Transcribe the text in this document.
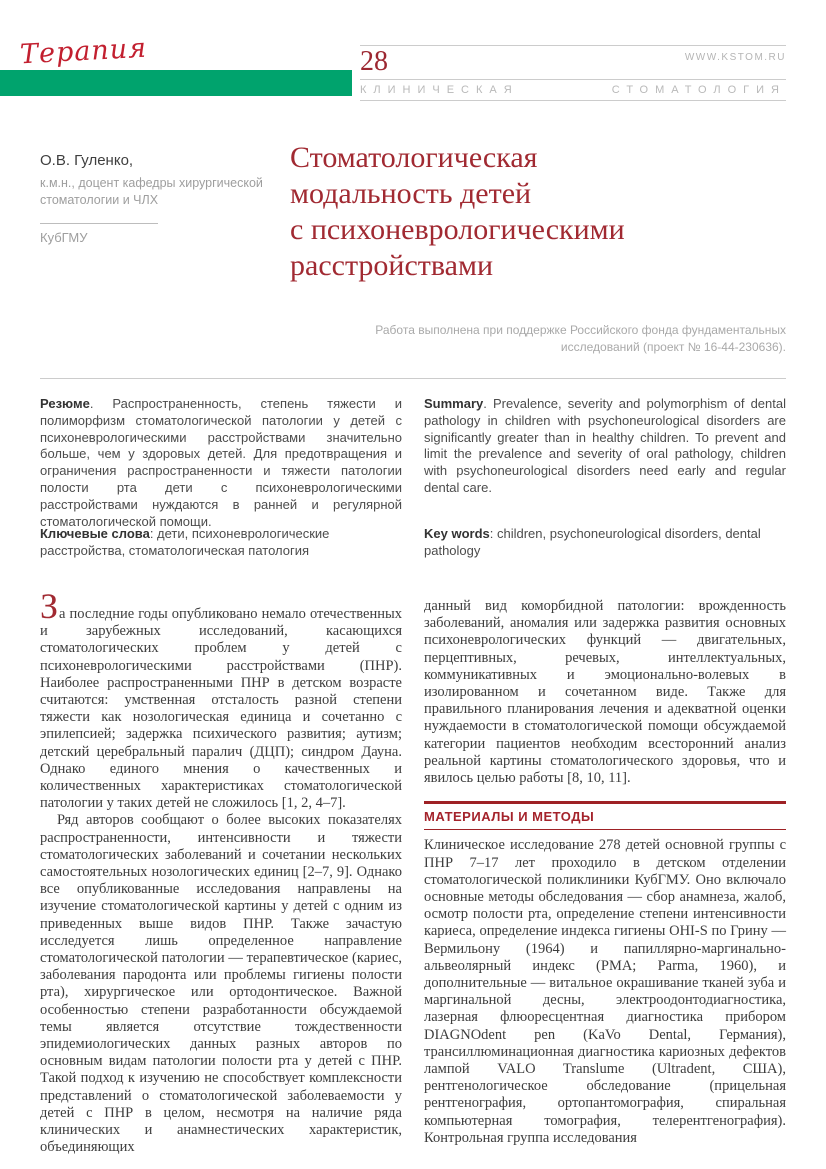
Терапия	28	WWW.KSTOM.RU
КЛИНИЧЕСКАЯ	СТОМАТОЛОГИЯ
О.В. Гуленко,
к.м.н., доцент кафедры хирургической стоматологии и ЧЛХ
КубГМУ
Стоматологическая
модальность детей
с психоневрологическими
расстройствами
Работа выполнена при поддержке Российского фонда фундаментальных исследований (проект № 16-44-230636).

Резюме. Распространенность, степень тяжести и полиморфизм стоматологической патологии у детей с психоневрологическими расстройствами значительно больше, чем у здоровых детей. Для предотвращения и ограничения распространенности и тяжести патологии полости рта дети с психоневрологическими расстройствами нуждаются в ранней и регулярной стоматологической помощи.

Ключевые слова: дети, психоневрологические расстройства, стоматологическая патология

Summary. Prevalence, severity and polymorphism of dental pathology in children with psychoneurological disorders are significantly greater than in healthy children. To prevent and limit the prevalence and severity of oral pathology, children with psychoneurological disorders need early and regular dental care.

Key words: children, psychoneurological disorders, dental pathology

За последние годы опубликовано немало отечественных и зарубежных исследований, касающихся стоматологических проблем у детей с психоневрологическими расстройствами (ПНР). Наиболее распространенными ПНР в детском возрасте считаются: умственная отсталость разной степени тяжести как нозологическая единица и сочетанно с эпилепсией; задержка психического развития; аутизм; детский церебральный паралич (ДЦП); синдром Дауна. Однако единого мнения о качественных и количественных характеристиках стоматологической патологии у таких детей не сложилось [1, 2, 4–7].

Ряд авторов сообщают о более высоких показателях распространенности, интенсивности и тяжести стоматологических заболеваний и сочетании нескольких самостоятельных нозологических единиц [2–7, 9]. Однако все опубликованные исследования направлены на изучение стоматологической картины у детей с одним из приведенных выше видов ПНР. Также зачастую исследуется лишь определенное направление стоматологической патологии — терапевтическое (кариес, заболевания пародонта или проблемы гигиены полости рта), хирургическое или ортодонтическое. Важной особенностью степени разработанности обсуждаемой темы является отсутствие тождественности эпидемиологических данных разных авторов по основным видам патологии полости рта у детей с ПНР. Такой подход к изучению не способствует комплексности представлений о стоматологической заболеваемости у детей с ПНР в целом, несмотря на наличие ряда клинических и анамнестических характеристик, объединяющих

данный вид коморбидной патологии: врожденность заболеваний, аномалия или задержка развития основных психоневрологических функций — двигательных, перцептивных, речевых, интеллектуальных, коммуникативных и эмоционально-волевых в изолированном и сочетанном виде. Также для правильного планирования лечения и адекватной оценки нуждаемости в стоматологической помощи обсуждаемой категории пациентов необходим всесторонний анализ реальной картины стоматологического здоровья, что и явилось целью работы [8, 10, 11].

МАТЕРИАЛЫ И МЕТОДЫ

Клиническое исследование 278 детей основной группы с ПНР 7–17 лет проходило в детском отделении стоматологической поликлиники КубГМУ. Оно включало основные методы обследования — сбор анамнеза, жалоб, осмотр полости рта, определение степени интенсивности кариеса, определение индекса гигиены OHI-S по Грину — Вермильону (1964) и папиллярно-маргинально-альвеолярный индекс (PMA; Parma, 1960), и дополнительные — витальное окрашивание тканей зуба и маргинальной десны, электроодонтодиагностика, лазерная флюоресцентная диагностика прибором DIAGNOdent pen (KaVo Dental, Германия), трансиллюминационная диагностика кариозных дефектов лампой VALO Translume (Ultradent, США), рентгенологическое обследование (прицельная рентгенография, ортопантомография, спиральная компьютерная томография, телерентгенография). Контрольная группа исследования
